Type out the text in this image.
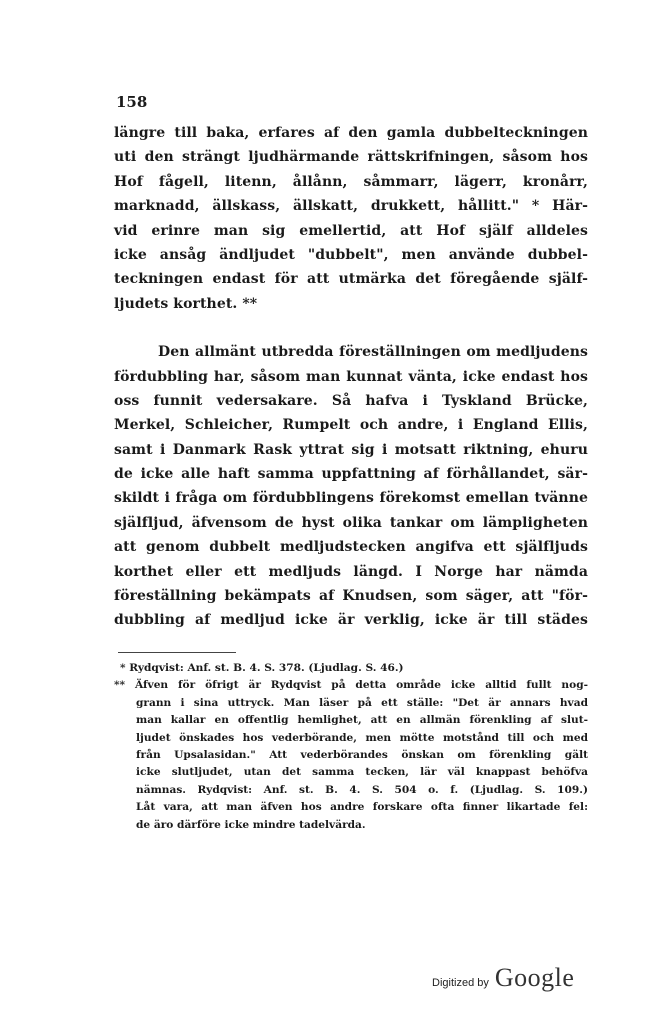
158
längre till baka, erfares af den gamla dubbelteckningen
uti den strängt ljudhärmande rättskrifningen, såsom hos
Hof fågell, litenn, ållånn, såmmarr, lägerr, kronårr,
marknadd, ällskass, ällskatt, drukkett, hållitt." * Här-
vid erinre man sig emellertid, att Hof själf alldeles
icke ansåg ändljudet "dubbelt", men använde dubbel-
teckningen endast för att utmärka det föregående själf-
ljudets korthet. **
Den allmänt utbredda föreställningen om medljudens
fördubbling har, såsom man kunnat vänta, icke endast hos
oss funnit vedersakare. Så hafva i Tyskland Brücke,
Merkel, Schleicher, Rumpelt och andre, i England Ellis,
samt i Danmark Rask yttrat sig i motsatt riktning, ehuru
de icke alle haft samma uppfattning af förhållandet, sär-
skildt i fråga om fördubblingens förekomst emellan tvänne
själfljud, äfvensom de hyst olika tankar om lämpligheten
att genom dubbelt medljudstecken angifva ett själfljuds
korthet eller ett medljuds längd. I Norge har nämda
föreställning bekämpats af Knudsen, som säger, att "för-
dubbling af medljud icke är verklig, icke är till städes
* Rydqvist: Anf. st. B. 4. S. 378. (Ljudlag. S. 46.)
** Äfven för öfrigt är Rydqvist på detta område icke alltid fullt nog-
grann i sina uttryck. Man läser på ett ställe: "Det är annars hvad
man kallar en offentlig hemlighet, att en allmän förenkling af slut-
ljudet önskades hos vederbörande, men mötte motstånd till och med
från Upsalasidan." Att vederbörandes önskan om förenkling gält
icke slutljudet, utan det samma tecken, lär väl knappast behöfva
nämnas. Rydqvist: Anf. st. B. 4. S. 504 o. f. (Ljudlag. S. 109.)
Låt vara, att man äfven hos andre forskare ofta finner likartade fel:
de äro därföre icke mindre tadelvärda.
Digitized by Google
